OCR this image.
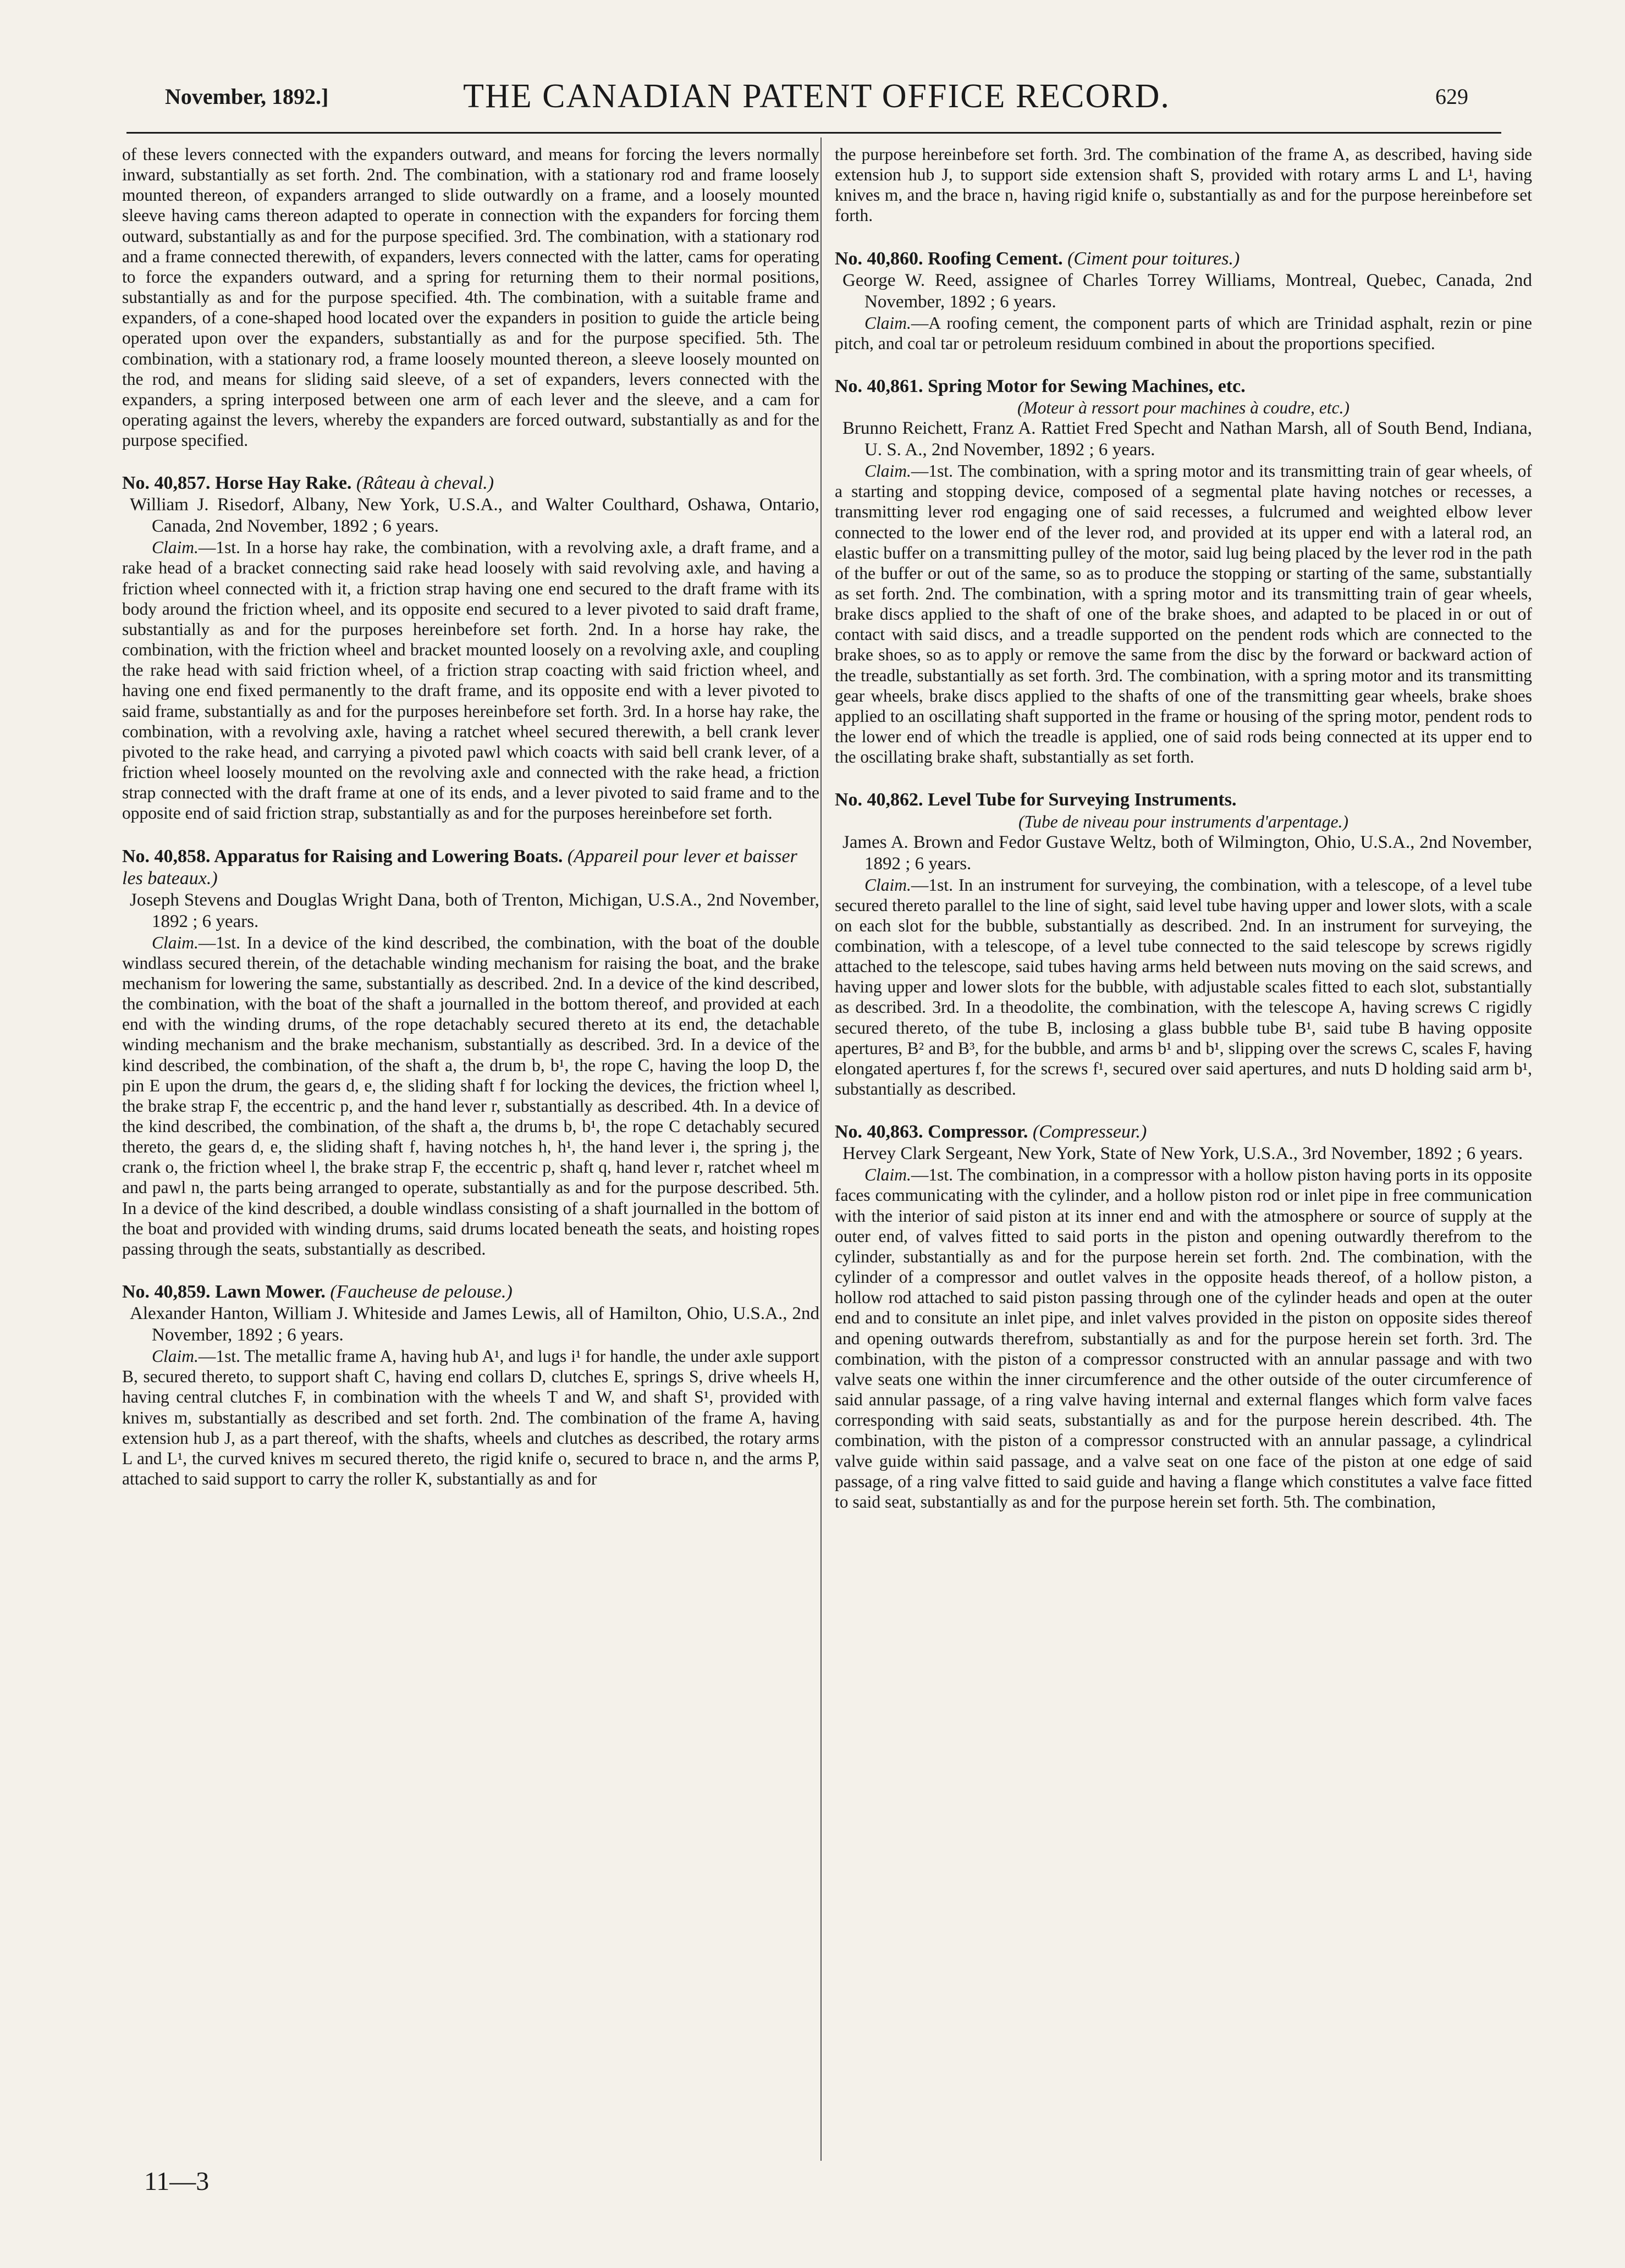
November, 1892.]	THE CANADIAN PATENT OFFICE RECORD.	629

of these levers connected with the expanders outward, and means for forcing the levers normally inward, substantially as set forth. 2nd. The combination, with a stationary rod and frame loosely mounted thereon, of expanders arranged to slide outwardly on a frame, and a loosely mounted sleeve having cams thereon adapted to operate in connection with the expanders for forcing them outward, substantially as and for the purpose specified. 3rd. The combination, with a stationary rod and a frame connected therewith, of expanders, levers connected with the latter, cams for operating to force the expanders outward, and a spring for returning them to their normal positions, substantially as and for the purpose specified. 4th. The combination, with a suitable frame and expanders, of a cone-shaped hood located over the expanders in position to guide the article being operated upon over the expanders, substantially as and for the purpose specified. 5th. The combination, with a stationary rod, a frame loosely mounted thereon, a sleeve loosely mounted on the rod, and means for sliding said sleeve, of a set of expanders, levers connected with the expanders, a spring interposed between one arm of each lever and the sleeve, and a cam for operating against the levers, whereby the expanders are forced outward, substantially as and for the purpose specified.

No. 40,857. Horse Hay Rake. (Râteau à cheval.)

William J. Risedorf, Albany, New York, U.S.A., and Walter Coulthard, Oshawa, Ontario, Canada, 2nd November, 1892 ; 6 years.

Claim.—1st. In a horse hay rake, the combination, with a revolving axle, a draft frame, and a rake head of a bracket connecting said rake head loosely with said revolving axle, and having a friction wheel connected with it, a friction strap having one end secured to the draft frame with its body around the friction wheel, and its opposite end secured to a lever pivoted to said draft frame, substantially as and for the purposes hereinbefore set forth. 2nd. In a horse hay rake, the combination, with the friction wheel and bracket mounted loosely on a revolving axle, and coupling the rake head with said friction wheel, of a friction strap coacting with said friction wheel, and having one end fixed permanently to the draft frame, and its opposite end with a lever pivoted to said frame, substantially as and for the purposes hereinbefore set forth. 3rd. In a horse hay rake, the combination, with a revolving axle, having a ratchet wheel secured therewith, a bell crank lever pivoted to the rake head, and carrying a pivoted pawl which coacts with said bell crank lever, of a friction wheel loosely mounted on the revolving axle and connected with the rake head, a friction strap connected with the draft frame at one of its ends, and a lever pivoted to said frame and to the opposite end of said friction strap, substantially as and for the purposes hereinbefore set forth.

No. 40,858. Apparatus for Raising and Lowering Boats. (Appareil pour lever et baisser les bateaux.)

Joseph Stevens and Douglas Wright Dana, both of Trenton, Michigan, U.S.A., 2nd November, 1892 ; 6 years.

Claim.—1st. In a device of the kind described, the combination, with the boat of the double windlass secured therein, of the detachable winding mechanism for raising the boat, and the brake mechanism for lowering the same, substantially as described. 2nd. In a device of the kind described, the combination, with the boat of the shaft a journalled in the bottom thereof, and provided at each end with the winding drums, of the rope detachably secured thereto at its end, the detachable winding mechanism and the brake mechanism, substantially as described. 3rd. In a device of the kind described, the combination, of the shaft a, the drum b, b¹, the rope C, having the loop D, the pin E upon the drum, the gears d, e, the sliding shaft f for locking the devices, the friction wheel l, the brake strap F, the eccentric p, and the hand lever r, substantially as described. 4th. In a device of the kind described, the combination, of the shaft a, the drums b, b¹, the rope C detachably secured thereto, the gears d, e, the sliding shaft f, having notches h, h¹, the hand lever i, the spring j, the crank o, the friction wheel l, the brake strap F, the eccentric p, shaft q, hand lever r, ratchet wheel m and pawl n, the parts being arranged to operate, substantially as and for the purpose described. 5th. In a device of the kind described, a double windlass consisting of a shaft journalled in the bottom of the boat and provided with winding drums, said drums located beneath the seats, and hoisting ropes passing through the seats, substantially as described.

No. 40,859. Lawn Mower. (Faucheuse de pelouse.)

Alexander Hanton, William J. Whiteside and James Lewis, all of Hamilton, Ohio, U.S.A., 2nd November, 1892 ; 6 years.

Claim.—1st. The metallic frame A, having hub A¹, and lugs i¹ for handle, the under axle support B, secured thereto, to support shaft C, having end collars D, clutches E, springs S, drive wheels H, having central clutches F, in combination with the wheels T and W, and shaft S¹, provided with knives m, substantially as described and set forth. 2nd. The combination of the frame A, having extension hub J, as a part thereof, with the shafts, wheels and clutches as described, the rotary arms L and L¹, the curved knives m secured thereto, the rigid knife o, secured to brace n, and the arms P, attached to said support to carry the roller K, substantially as and for

the purpose hereinbefore set forth. 3rd. The combination of the frame A, as described, having side extension hub J, to support side extension shaft S, provided with rotary arms L and L¹, having knives m, and the brace n, having rigid knife o, substantially as and for the purpose hereinbefore set forth.

No. 40,860. Roofing Cement. (Ciment pour toitures.)

George W. Reed, assignee of Charles Torrey Williams, Montreal, Quebec, Canada, 2nd November, 1892 ; 6 years.

Claim.—A roofing cement, the component parts of which are Trinidad asphalt, rezin or pine pitch, and coal tar or petroleum residuum combined in about the proportions specified.

No. 40,861. Spring Motor for Sewing Machines, etc.

(Moteur à ressort pour machines à coudre, etc.)

Brunno Reichett, Franz A. Rattiet Fred Specht and Nathan Marsh, all of South Bend, Indiana, U. S. A., 2nd November, 1892 ; 6 years.

Claim.—1st. The combination, with a spring motor and its transmitting train of gear wheels, of a starting and stopping device, composed of a segmental plate having notches or recesses, a transmitting lever rod engaging one of said recesses, a fulcrumed and weighted elbow lever connected to the lower end of the lever rod, and provided at its upper end with a lateral rod, an elastic buffer on a transmitting pulley of the motor, said lug being placed by the lever rod in the path of the buffer or out of the same, so as to produce the stopping or starting of the same, substantially as set forth. 2nd. The combination, with a spring motor and its transmitting train of gear wheels, brake discs applied to the shaft of one of the brake shoes, and adapted to be placed in or out of contact with said discs, and a treadle supported on the pendent rods which are connected to the brake shoes, so as to apply or remove the same from the disc by the forward or backward action of the treadle, substantially as set forth. 3rd. The combination, with a spring motor and its transmitting gear wheels, brake discs applied to the shafts of one of the transmitting gear wheels, brake shoes applied to an oscillating shaft supported in the frame or housing of the spring motor, pendent rods to the lower end of which the treadle is applied, one of said rods being connected at its upper end to the oscillating brake shaft, substantially as set forth.

No. 40,862. Level Tube for Surveying Instruments.

(Tube de niveau pour instruments d'arpentage.)

James A. Brown and Fedor Gustave Weltz, both of Wilmington, Ohio, U.S.A., 2nd November, 1892 ; 6 years.

Claim.—1st. In an instrument for surveying, the combination, with a telescope, of a level tube secured thereto parallel to the line of sight, said level tube having upper and lower slots, with a scale on each slot for the bubble, substantially as described. 2nd. In an instrument for surveying, the combination, with a telescope, of a level tube connected to the said telescope by screws rigidly attached to the telescope, said tubes having arms held between nuts moving on the said screws, and having upper and lower slots for the bubble, with adjustable scales fitted to each slot, substantially as described. 3rd. In a theodolite, the combination, with the telescope A, having screws C rigidly secured thereto, of the tube B, inclosing a glass bubble tube B¹, said tube B having opposite apertures, B² and B³, for the bubble, and arms b¹ and b¹, slipping over the screws C, scales F, having elongated apertures f, for the screws f¹, secured over said apertures, and nuts D holding said arm b¹, substantially as described.

No. 40,863. Compressor. (Compresseur.)

Hervey Clark Sergeant, New York, State of New York, U.S.A., 3rd November, 1892 ; 6 years.

Claim.—1st. The combination, in a compressor with a hollow piston having ports in its opposite faces communicating with the cylinder, and a hollow piston rod or inlet pipe in free communication with the interior of said piston at its inner end and with the atmosphere or source of supply at the outer end, of valves fitted to said ports in the piston and opening outwardly therefrom to the cylinder, substantially as and for the purpose herein set forth. 2nd. The combination, with the cylinder of a compressor and outlet valves in the opposite heads thereof, of a hollow piston, a hollow rod attached to said piston passing through one of the cylinder heads and open at the outer end and to consitute an inlet pipe, and inlet valves provided in the piston on opposite sides thereof and opening outwards therefrom, substantially as and for the purpose herein set forth. 3rd. The combination, with the piston of a compressor constructed with an annular passage and with two valve seats one within the inner circumference and the other outside of the outer circumference of said annular passage, of a ring valve having internal and external flanges which form valve faces corresponding with said seats, substantially as and for the purpose herein described. 4th. The combination, with the piston of a compressor constructed with an annular passage, a cylindrical valve guide within said passage, and a valve seat on one face of the piston at one edge of said passage, of a ring valve fitted to said guide and having a flange which constitutes a valve face fitted to said seat, substantially as and for the purpose herein set forth. 5th. The combination,

11—3
